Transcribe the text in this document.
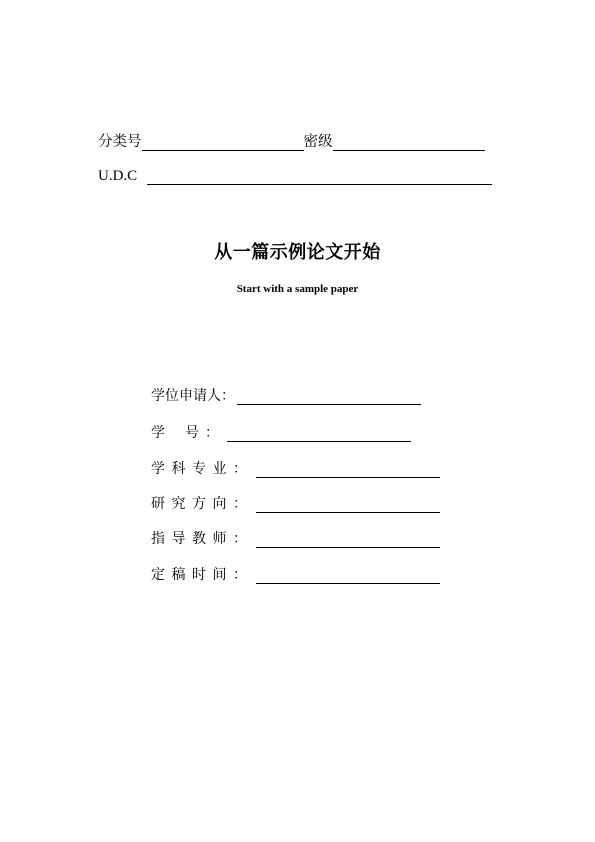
分类号	密级
U.D.C
从一篇示例论文开始
Start with a sample paper
学位申请人：
学 号：
学科专业：
研究方向：
指导教师：
定稿时间：
